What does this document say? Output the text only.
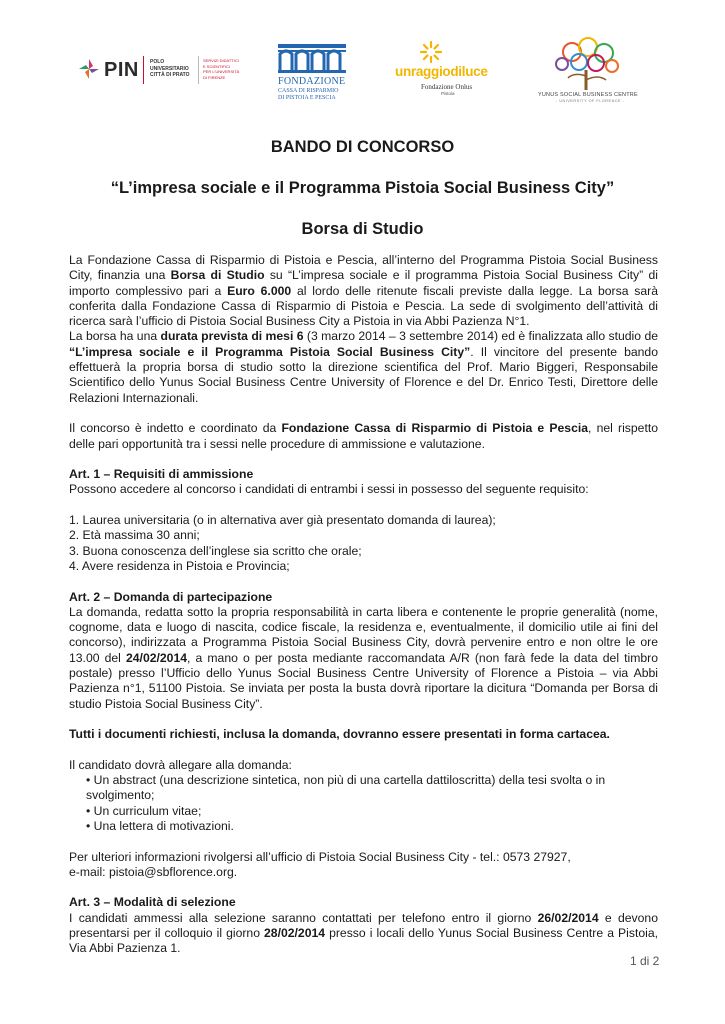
PIN POLO
UNIVERSITARIO
CITTÀ DI PRATO
SERVIZI DIDATTICI
E SCIENTIFICI
PER L'UNIVERSITÀ
DI FIRENZE	FONDAZIONE
CASSA DI RISPARMIO
DI PISTOIA E PESCIA
unraggiodiluce
Fondazione Onlus
Pistoia	YUNUS SOCIAL BUSINESS CENTRE
- UNIVERSITY OF FLORENCE -
BANDO DI CONCORSO
“L’impresa sociale e il Programma Pistoia Social Business City”
Borsa di Studio

La Fondazione Cassa di Risparmio di Pistoia e Pescia, all’interno del Programma Pistoia Social Business City, finanzia una Borsa di Studio su “L’impresa sociale e il programma Pistoia Social Business City” di importo complessivo pari a Euro 6.000 al lordo delle ritenute fiscali previste dalla legge. La borsa sarà conferita dalla Fondazione Cassa di Risparmio di Pistoia e Pescia. La sede di svolgimento dell’attività di ricerca sarà l’ufficio di Pistoia Social Business City a Pistoia in via Abbi Pazienza N°1.

La borsa ha una durata prevista di mesi 6 (3 marzo 2014 – 3 settembre 2014) ed è finalizzata allo studio de “L’impresa sociale e il Programma Pistoia Social Business City”. Il vincitore del presente bando effettuerà la propria borsa di studio sotto la direzione scientifica del Prof. Mario Biggeri, Responsabile Scientifico dello Yunus Social Business Centre University of Florence e del Dr. Enrico Testi, Direttore delle Relazioni Internazionali.

Il concorso è indetto e coordinato da Fondazione Cassa di Risparmio di Pistoia e Pescia, nel rispetto delle pari opportunità tra i sessi nelle procedure di ammissione e valutazione.

Art. 1 – Requisiti di ammissione

Possono accedere al concorso i candidati di entrambi i sessi in possesso del seguente requisito:

1. Laurea universitaria (o in alternativa aver già presentato domanda di laurea);

2. Età massima 30 anni;

3. Buona conoscenza dell’inglese sia scritto che orale;

4. Avere residenza in Pistoia e Provincia;

Art. 2 – Domanda di partecipazione

La domanda, redatta sotto la propria responsabilità in carta libera e contenente le proprie generalità (nome, cognome, data e luogo di nascita, codice fiscale, la residenza e, eventualmente, il domicilio utile ai fini del concorso), indirizzata a Programma Pistoia Social Business City, dovrà pervenire entro e non oltre le ore 13.00 del 24/02/2014, a mano o per posta mediante raccomandata A/R (non farà fede la data del timbro postale) presso l’Ufficio dello Yunus Social Business Centre University of Florence a Pistoia – via Abbi Pazienza n°1, 51100 Pistoia. Se inviata per posta la busta dovrà riportare la dicitura “Domanda per Borsa di studio Pistoia Social Business City”.

Tutti i documenti richiesti, inclusa la domanda, dovranno essere presentati in forma cartacea.

Il candidato dovrà allegare alla domanda:

• Un abstract (una descrizione sintetica, non più di una cartella dattiloscritta) della tesi svolta o in svolgimento;

• Un curriculum vitae;

• Una lettera di motivazioni.

Per ulteriori informazioni rivolgersi all’ufficio di Pistoia Social Business City - tel.: 0573 27927,

e-mail: pistoia@sbflorence.org.

Art. 3 – Modalità di selezione

I candidati ammessi alla selezione saranno contattati per telefono entro il giorno 26/02/2014 e devono presentarsi per il colloquio il giorno 28/02/2014 presso i locali dello Yunus Social Business Centre a Pistoia, Via Abbi Pazienza 1.

1 di 2
